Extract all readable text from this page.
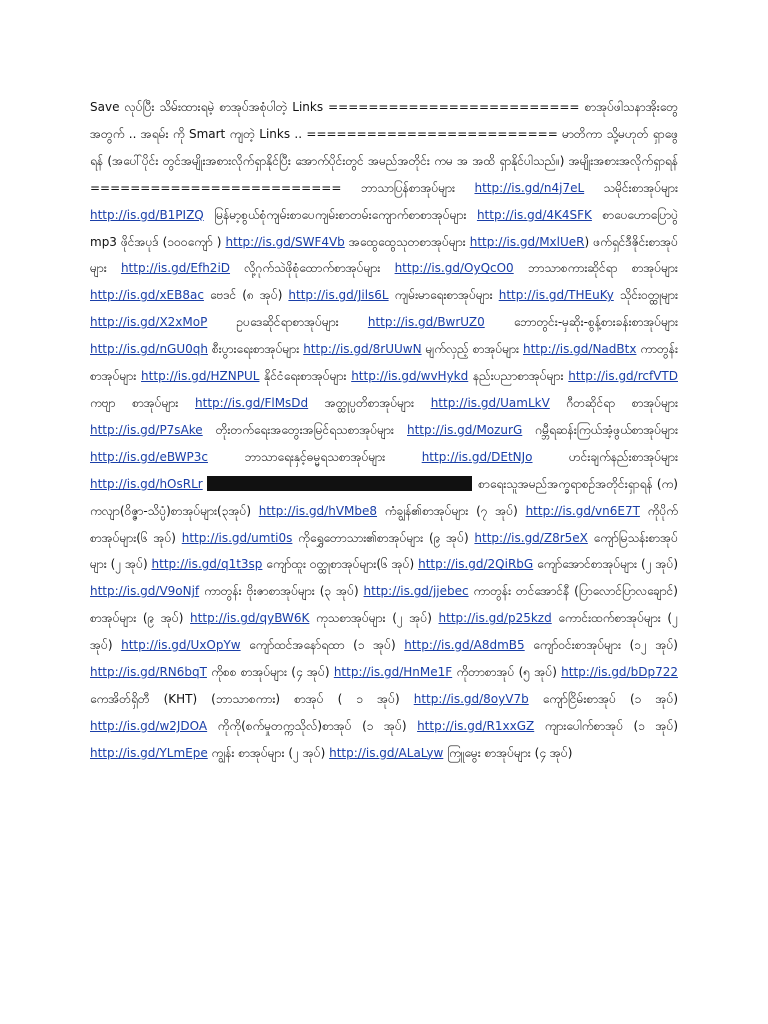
Save လုပ်ပြီး သိမ်းထားရမဲ့ စာအုပ်အစုံပါတဲ့ Links ========================= စာအုပ်ဖါသနာအိုးတွေ အတွက် .. အရမ်း ကို Smart ကျတဲ့ Links .. ========================= မာတိကာ သို့မဟုတ် ရှာဖွေရန် (အပေါ်ပိုင်း တွင်အမျိုးအစားလိုက်ရှာနိုင်ပြီး အောက်ပိုင်းတွင် အမည်အတိုင်း ကမ အ အထိ ရှာနိုင်ပါသည်။) အမျိုးအစားအလိုက်ရှာရန် ========================= ဘာသာပြန်စာအုပ်များ http://is.gd/n4j7eL သမိုင်းစာအုပ်များ http://is.gd/B1PIZQ မြန်မာ့စွယ်စုံကျမ်းစာပေကျမ်းစာတမ်းကျောက်စာစာအုပ်များ http://is.gd/4K4SFK စာပေဟောပြောပွဲ mp3 ဖိုင်အပုဒ် (၁၀၀ကျော် ) http://is.gd/SWF4Vb အထွေထွေသုတစာအုပ်များ http://is.gd/MxlUeR) ဖက်ရှင်ဒီဇိုင်းစာအုပ်များ http://is.gd/Efh2iD လို့ဂုက်သဲဖိုစုံထောက်စာအုပ်များ http://is.gd/OyQcO0 ဘာသာစကားဆိုင်ရာ စာအုပ်များ http://is.gd/xEB8ac ဗေဒင် (၈ အုပ်) http://is.gd/Jils6L ကျမ်းမာရေးစာအုပ်များ http://is.gd/THEuKy သိုင်းဝတ္ထုများ http://is.gd/X2xMoP ဥပဒေဆိုင်ရာစာအုပ်များ http://is.gd/BwrUZ0 ဘောတွင်း-မှဆိုး-စွန့်စားခန်းစာအုပ်များ http://is.gd/nGU0qh စီးပွားရေးစာအုပ်များ http://is.gd/8rUUwN မျက်လှည့် စာအုပ်များ http://is.gd/NadBtx ကာတွန်းစာအုပ်များ http://is.gd/HZNPUL နိုင်ငံရေးစာအုပ်များ http://is.gd/wvHykd နည်းပညာစာအုပ်များ http://is.gd/rcfVTD ကဗျာ စာအုပ်များ http://is.gd/FlMsDd အတ္ထုပ္ပတိစာအုပ်များ http://is.gd/UamLkV ဂီတဆိုင်ရာ စာအုပ်များ http://is.gd/P7sAke တိုးတက်ရေးအတွေးအမြင်ရသစာအုပ်များ http://is.gd/MozurG ဂမ္ဘီရဆန်းကြယ်အံ့ဖွယ်စာအုပ်များ http://is.gd/eBWP3c ဘာသာရေးနှင့်ဓမ္မရသစာအုပ်များ http://is.gd/DEtNJo ဟင်းချက်နည်းစာအုပ်များ http://is.gd/hOsRLr	စာရေးသူအမည်အက္ခရာစဉ်အတိုင်းရှာရန် (က) ကလျာ(ဝိဇ္ဇာ-သိပ္ပံ)စာအုပ်များ(၃အုပ်) http://is.gd/hVMbe8 ကံချွန်၏စာအုပ်များ (၇ အုပ်) http://is.gd/vn6E7T ကိုပိုက်စာအုပ်များ(၆ အုပ်) http://is.gd/umti0s ကိုရွှေတောသား၏စာအုပ်များ (၉ အုပ်) http://is.gd/Z8r5eX ကျော်မြသန်းစာအုပ်များ (၂ အုပ်) http://is.gd/q1t3sp ကျော်ထူး ဝတ္ထုစာအုပ်များ(၆ အုပ်) http://is.gd/2QiRbG ကျော်အောင်စာအုပ်များ (၂ အုပ်) http://is.gd/V9oNjf ကာတွန်း ဗိုးဇာစာအုပ်များ (၃ အုပ်) http://is.gd/jjebec ကာတွန်း တင်အောင်နီ (ပြာလောင်ပြာလချောင်) စာအုပ်များ (၉ အုပ်) http://is.gd/qyBW6K ကုသစာအုပ်များ (၂ အုပ်) http://is.gd/p25kzd ကောင်းထက်စာအုပ်များ (၂ အုပ်) http://is.gd/UxOpYw ကျော်ထင်အနော်ရထာ (၁ အုပ်) http://is.gd/A8dmB5 ကျော်ဝင်းစာအုပ်များ (၁၂ အုပ်) http://is.gd/RN6bqT ကိုစစ စာအုပ်များ (၄ အုပ်) http://is.gd/HnMe1F ကိုတာစာအုပ် (၅ အုပ်) http://is.gd/bDp722 ကေအိတ်ရှိတီ (KHT) (ဘာသာစကား) စာအုပ် ( ၁ အုပ်) http://is.gd/8oyV7b ကျော်ငြိမ်းစာအုပ် (၁ အုပ်) http://is.gd/w2JDOA ကိုကို(စက်မှုတက္ကသိုလ်)စာအုပ် (၁ အုပ်) http://is.gd/R1xxGZ ကျားပေါက်စာအုပ် (၁ အုပ်) http://is.gd/YLmEpe ကျွန်း စာအုပ်များ (၂ အုပ်) http://is.gd/ALaLyw ကြူမွေး စာအုပ်များ (၄ အုပ်)
